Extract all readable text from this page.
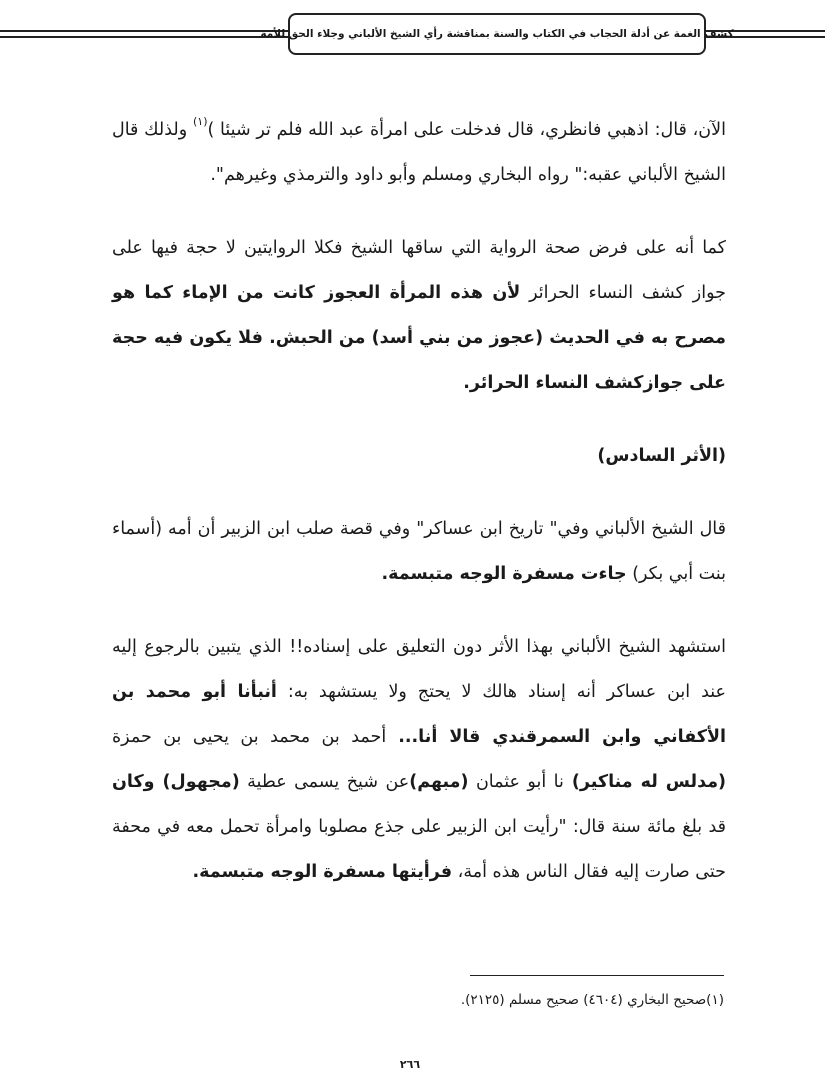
كشف الغمة عن أدلة الحجاب في الكتاب والسنة بمناقشة رأي الشيخ الألباني وجلاء الحق للأمة

الآن، قال: اذهبي فانظري، قال فدخلت على امرأة عبد الله فلم تر شيئا )$^{(١)}$ ولذلك قال الشيخ الألباني عقبه:" رواه البخاري ومسلم وأبو داود والترمذي وغيرهم".

كما أنه على فرض صحة الرواية التي ساقها الشيخ فكلا الروايتين لا حجة فيها على جواز كشف النساء الحرائر لأن هذه المرأة العجوز كانت من الإماء كما هو مصرح به في الحديث (عجوز من بني أسد) من الحبش. فلا يكون فيه حجة على جوازكشف النساء الحرائر.

(الأثر السادس)

قال الشيخ الألباني وفي" تاريخ ابن عساكر" وفي قصة صلب ابن الزبير أن أمه (أسماء بنت أبي بكر) جاءت مسفرة الوجه متبسمة.

استشهد الشيخ الألباني بهذا الأثر دون التعليق على إسناده!! الذي يتبين بالرجوع إليه عند ابن عساكر أنه إسناد هالك لا يحتج ولا يستشهد به: أنبأنا أبو محمد بن الأكفاني وابن السمرقندي قالا أنا... أحمد بن محمد بن يحيى بن حمزة (مدلس له مناكير) نا أبو عثمان (مبهم)عن شيخ يسمى عطية (مجهول) وكان قد بلغ مائة سنة قال: "رأيت ابن الزبير على جذع مصلوبا وامرأة تحمل معه في محفة حتى صارت إليه فقال الناس هذه أمة، فرأيتها مسفرة الوجه متبسمة.

(١)صحيح البخاري (٤٦٠٤) صحيح مسلم (٢١٢٥).
٢٦٦
